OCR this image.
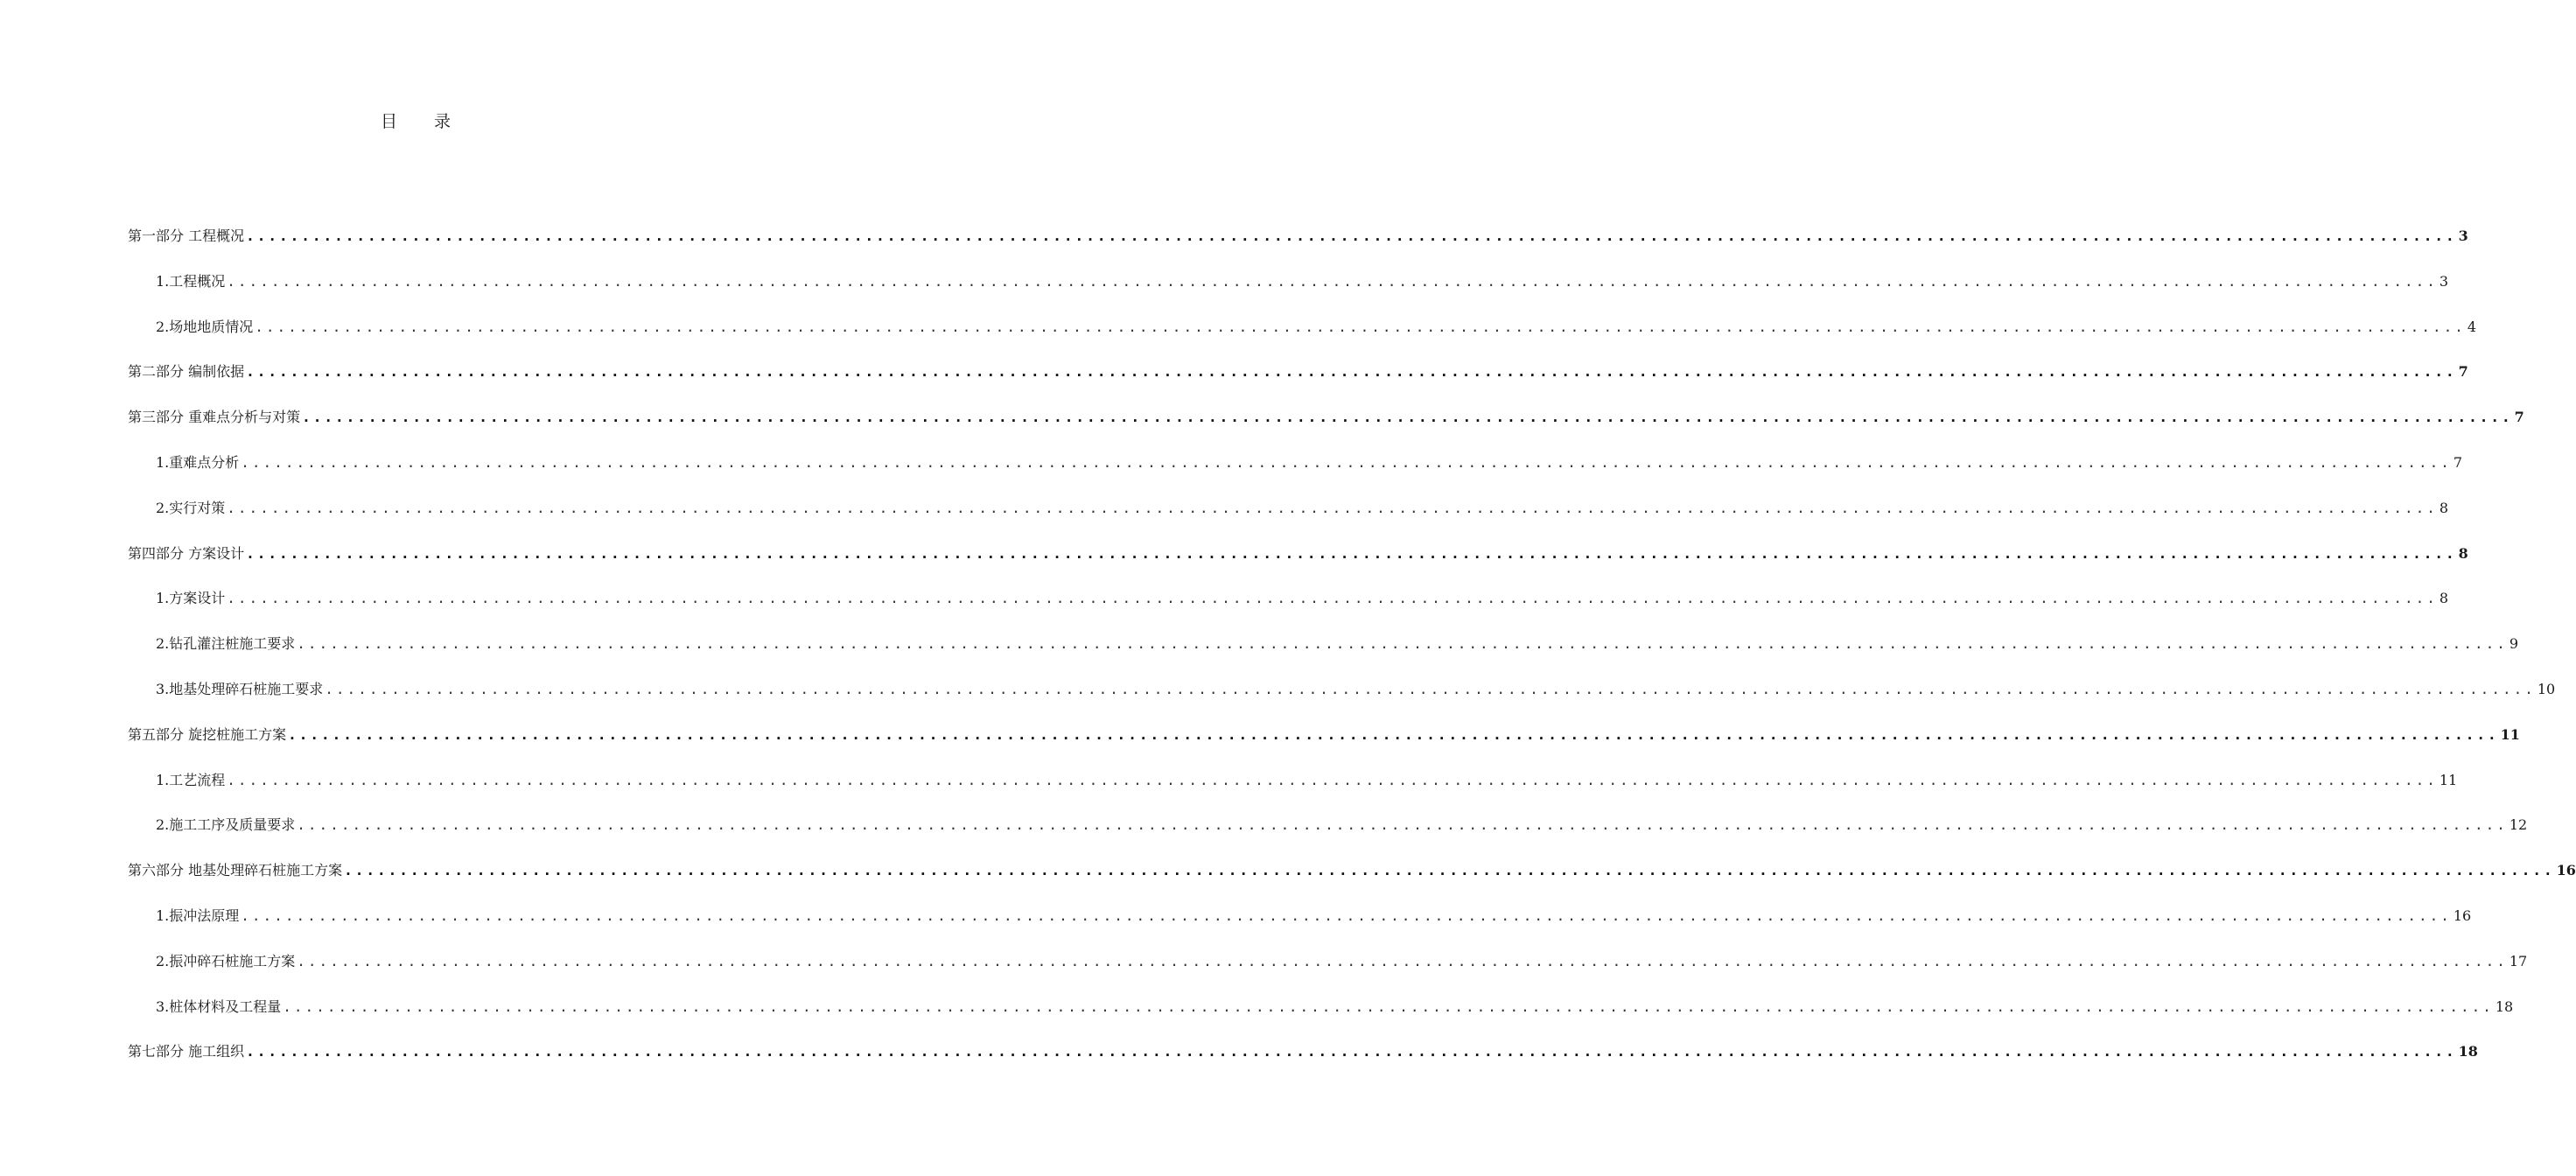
目 录
第一部分 工程概况 ........................................................................................................................................................................................................ 3
1.工程概况 ........................................................................................................................................................................................................ 3
2.场地地质情况 ........................................................................................................................................................................................................ 4
第二部分 编制依据 ........................................................................................................................................................................................................ 7
第三部分 重难点分析与对策 ........................................................................................................................................................................................................ 7
1.重难点分析 ........................................................................................................................................................................................................ 7
2.实行对策 ........................................................................................................................................................................................................ 8
第四部分 方案设计 ........................................................................................................................................................................................................ 8
1.方案设计 ........................................................................................................................................................................................................ 8
2.钻孔灌注桩施工要求 ........................................................................................................................................................................................................ 9
3.地基处理碎石桩施工要求 ........................................................................................................................................................................................................ 10
第五部分 旋挖桩施工方案 ........................................................................................................................................................................................................ 11
1.工艺流程 ........................................................................................................................................................................................................ 11
2.施工工序及质量要求 ........................................................................................................................................................................................................ 12
第六部分 地基处理碎石桩施工方案 ........................................................................................................................................................................................................ 16
1.振冲法原理 ........................................................................................................................................................................................................ 16
2.振冲碎石桩施工方案 ........................................................................................................................................................................................................ 17
3.桩体材料及工程量 ........................................................................................................................................................................................................ 18
第七部分 施工组织 ........................................................................................................................................................................................................ 18
